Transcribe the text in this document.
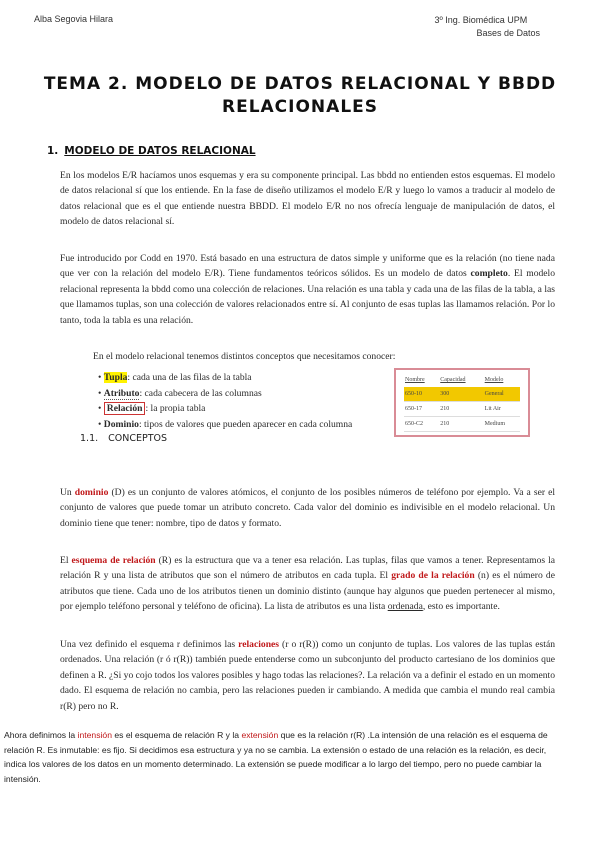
Alba Segovia Hilara	3º Ing. Biomédica UPM
Bases de Datos
TEMA 2. MODELO DE DATOS RELACIONAL Y BBDD
RELACIONALES
1. MODELO DE DATOS RELACIONAL
En los modelos E/R hacíamos unos esquemas y era su componente principal. Las bbdd no entienden estos esquemas. El modelo de datos relacional sí que los entiende. En la fase de diseño utilizamos el modelo E/R y luego lo vamos a traducir al modelo de datos relacional que es el que entiende nuestra BBDD. El modelo E/R no nos ofrecía lenguaje de manipulación de datos, el modelo de datos relacional sí.
Fue introducido por Codd en 1970. Está basado en una estructura de datos simple y uniforme que es la relación (no tiene nada que ver con la relación del modelo E/R). Tiene fundamentos teóricos sólidos. Es un modelo de datos completo. El modelo relacional representa la bbdd como una colección de relaciones. Una relación es una tabla y cada una de las filas de la tabla, a las que llamamos tuplas, son una colección de valores relacionados entre sí. Al conjunto de esas tuplas las llamamos relación. Por lo tanto, toda la tabla es una relación.
En el modelo relacional tenemos distintos conceptos que necesitamos conocer:
• Tupla: cada una de las filas de la tabla
• Atributo: cada cabecera de las columnas
• Relación : la propia tabla
• Dominio: tipos de valores que pueden aparecer en cada columna
Nombre	Capacidad	Modelo
650-10	300	General
650-17	210	Lit Air
650-C2	210	Medium
1.1. CONCEPTOS
Un dominio (D) es un conjunto de valores atómicos, el conjunto de los posibles números de teléfono por ejemplo. Va a ser el conjunto de valores que puede tomar un atributo concreto. Cada valor del dominio es indivisible en el modelo relacional. Un dominio tiene que tener: nombre, tipo de datos y formato.
El esquema de relación (R) es la estructura que va a tener esa relación. Las tuplas, filas que vamos a tener. Representamos la relación R y una lista de atributos que son el número de atributos en cada tupla. El grado de la relación (n) es el número de atributos que tiene. Cada uno de los atributos tienen un dominio distinto (aunque hay algunos que pueden pertenecer al mismo, por ejemplo teléfono personal y teléfono de oficina). La lista de atributos es una lista ordenada, esto es importante.
Una vez definido el esquema r definimos las relaciones (r o r(R)) como un conjunto de tuplas. Los valores de las tuplas están ordenados. Una relación (r ó r(R)) también puede entenderse como un subconjunto del producto cartesiano de los dominios que definen a R. ¿Si yo cojo todos los valores posibles y hago todas las relaciones?. La relación va a definir el estado en un momento dado. El esquema de relación no cambia, pero las relaciones pueden ir cambiando. A medida que cambia el mundo real cambia r(R) pero no R.
Ahora definimos la intensión es el esquema de relación R y la extensión que es la relación r(R) .La intensión de una relación es el esquema de relación R. Es inmutable: es fijo. Si decidimos esa estructura y ya no se cambia. La extensión o estado de una relación es la relación, es decir, indica los valores de los datos en un momento determinado. La extensión se puede modificar a lo largo del tiempo, pero no puede cambiar la intensión.
